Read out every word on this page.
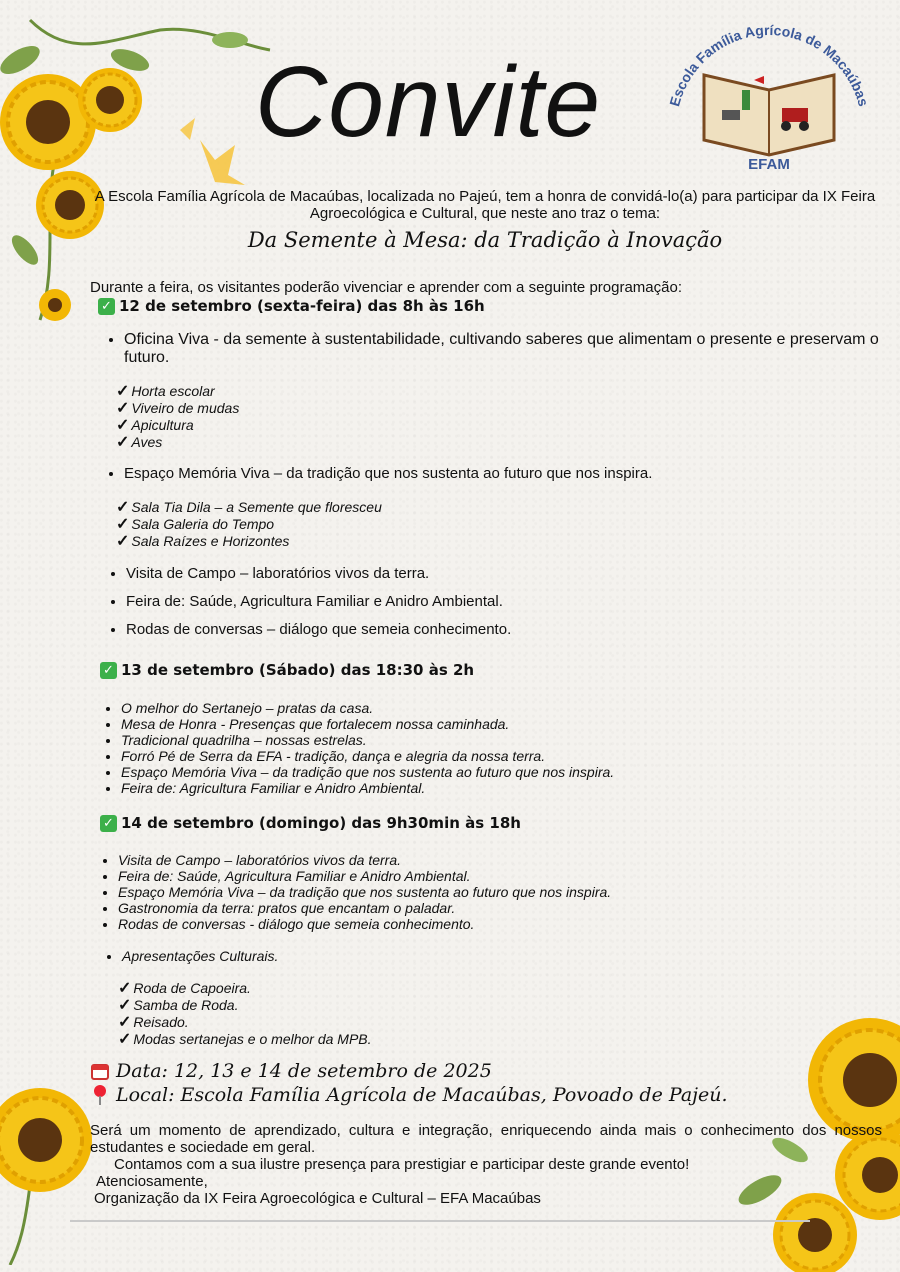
Convite	Escola Família Agrícola de Macaúbas
EFAM
A Escola Família Agrícola de Macaúbas, localizada no Pajeú, tem a honra de convidá-lo(a) para participar da IX Feira Agroecológica e Cultural, que neste ano traz o tema:
Da Semente à Mesa: da Tradição à Inovação
Durante a feira, os visitantes poderão vivenciar e aprender com a seguinte programação:
✓ 12 de setembro (sexta-feira) das 8h às 16h
• Oficina Viva - da semente à sustentabilidade, cultivando saberes que alimentam o presente e preservam o futuro.
✓ Horta escolar
✓ Viveiro de mudas
✓ Apicultura
✓ Aves
• Espaço Memória Viva – da tradição que nos sustenta ao futuro que nos inspira.
✓ Sala Tia Dila – a Semente que floresceu
✓ Sala Galeria do Tempo
✓ Sala Raízes e Horizontes
• Visita de Campo – laboratórios vivos da terra.
• Feira de: Saúde, Agricultura Familiar e Anidro Ambiental.
• Rodas de conversas – diálogo que semeia conhecimento.
✓ 13 de setembro (Sábado) das 18:30 às 2h
• O melhor do Sertanejo – pratas da casa.
• Mesa de Honra - Presenças que fortalecem nossa caminhada.
• Tradicional quadrilha – nossas estrelas.
• Forró Pé de Serra da EFA - tradição, dança e alegria da nossa terra.
• Espaço Memória Viva – da tradição que nos sustenta ao futuro que nos inspira.
• Feira de: Agricultura Familiar e Anidro Ambiental.
✓ 14 de setembro (domingo) das 9h30min às 18h
• Visita de Campo – laboratórios vivos da terra.
• Feira de: Saúde, Agricultura Familiar e Anidro Ambiental.
• Espaço Memória Viva – da tradição que nos sustenta ao futuro que nos inspira.
• Gastronomia da terra: pratos que encantam o paladar.
• Rodas de conversas - diálogo que semeia conhecimento.
• Apresentações Culturais.
✓ Roda de Capoeira.
✓ Samba de Roda.
✓ Reisado.
✓ Modas sertanejas e o melhor da MPB.
Data: 12, 13 e 14 de setembro de 2025
Local: Escola Família Agrícola de Macaúbas, Povoado de Pajeú.
Será um momento de aprendizado, cultura e integração, enriquecendo ainda mais o conhecimento dos nossos estudantes e sociedade em geral.
Contamos com a sua ilustre presença para prestigiar e participar deste grande evento!
Atenciosamente,
Organização da IX Feira Agroecológica e Cultural – EFA Macaúbas
